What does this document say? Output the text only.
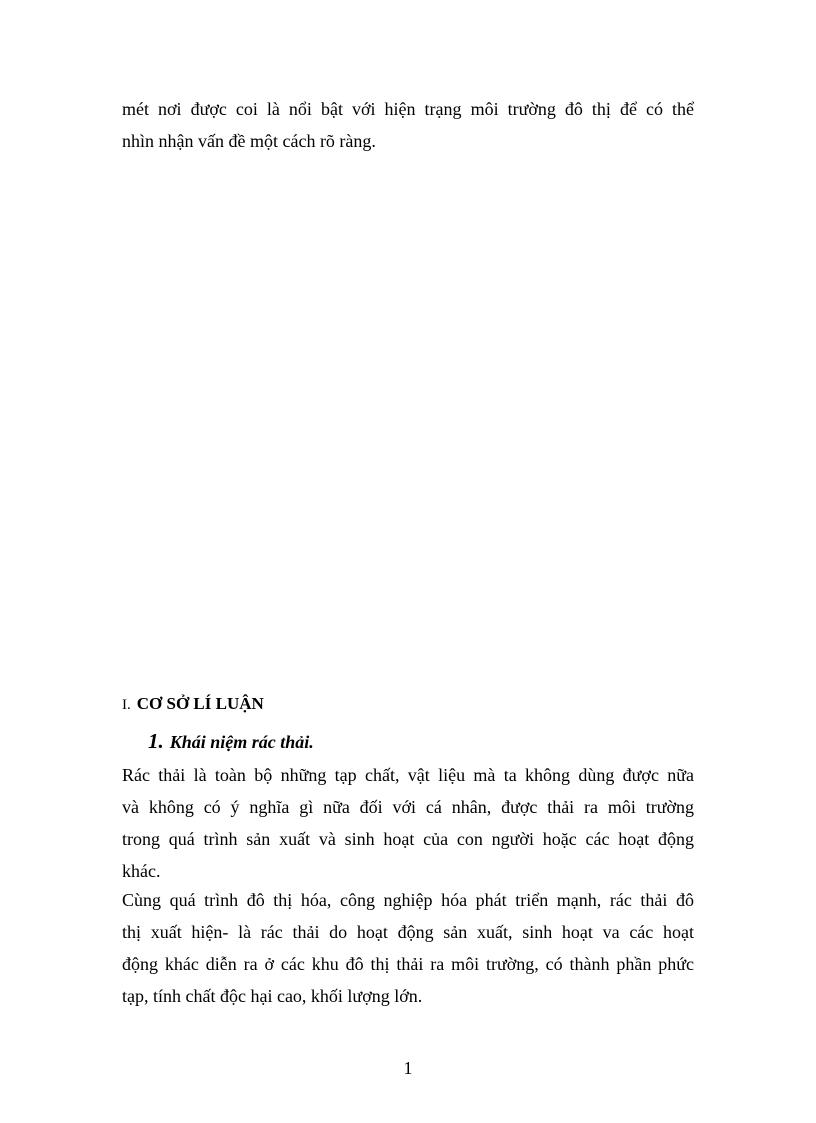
mét nơi được coi là nổi bật với hiện trạng môi trường đô thị để có thể
nhìn nhận vấn đề một cách rõ ràng.

I. CƠ SỞ LÍ LUẬN
1. Khái niệm rác thải.

Rác thải là toàn bộ những tạp chất, vật liệu mà ta không dùng được nữa
và không có ý nghĩa gì nữa đối với cá nhân, được thải ra môi trường
trong quá trình sản xuất và sinh hoạt của con người hoặc các hoạt động
khác.

Cùng quá trình đô thị hóa, công nghiệp hóa phát triển mạnh, rác thải đô
thị xuất hiện- là rác thải do hoạt động sản xuất, sinh hoạt va các hoạt
động khác diễn ra ở các khu đô thị thải ra môi trường, có thành phần phức
tạp, tính chất độc hại cao, khối lượng lớn.

1
